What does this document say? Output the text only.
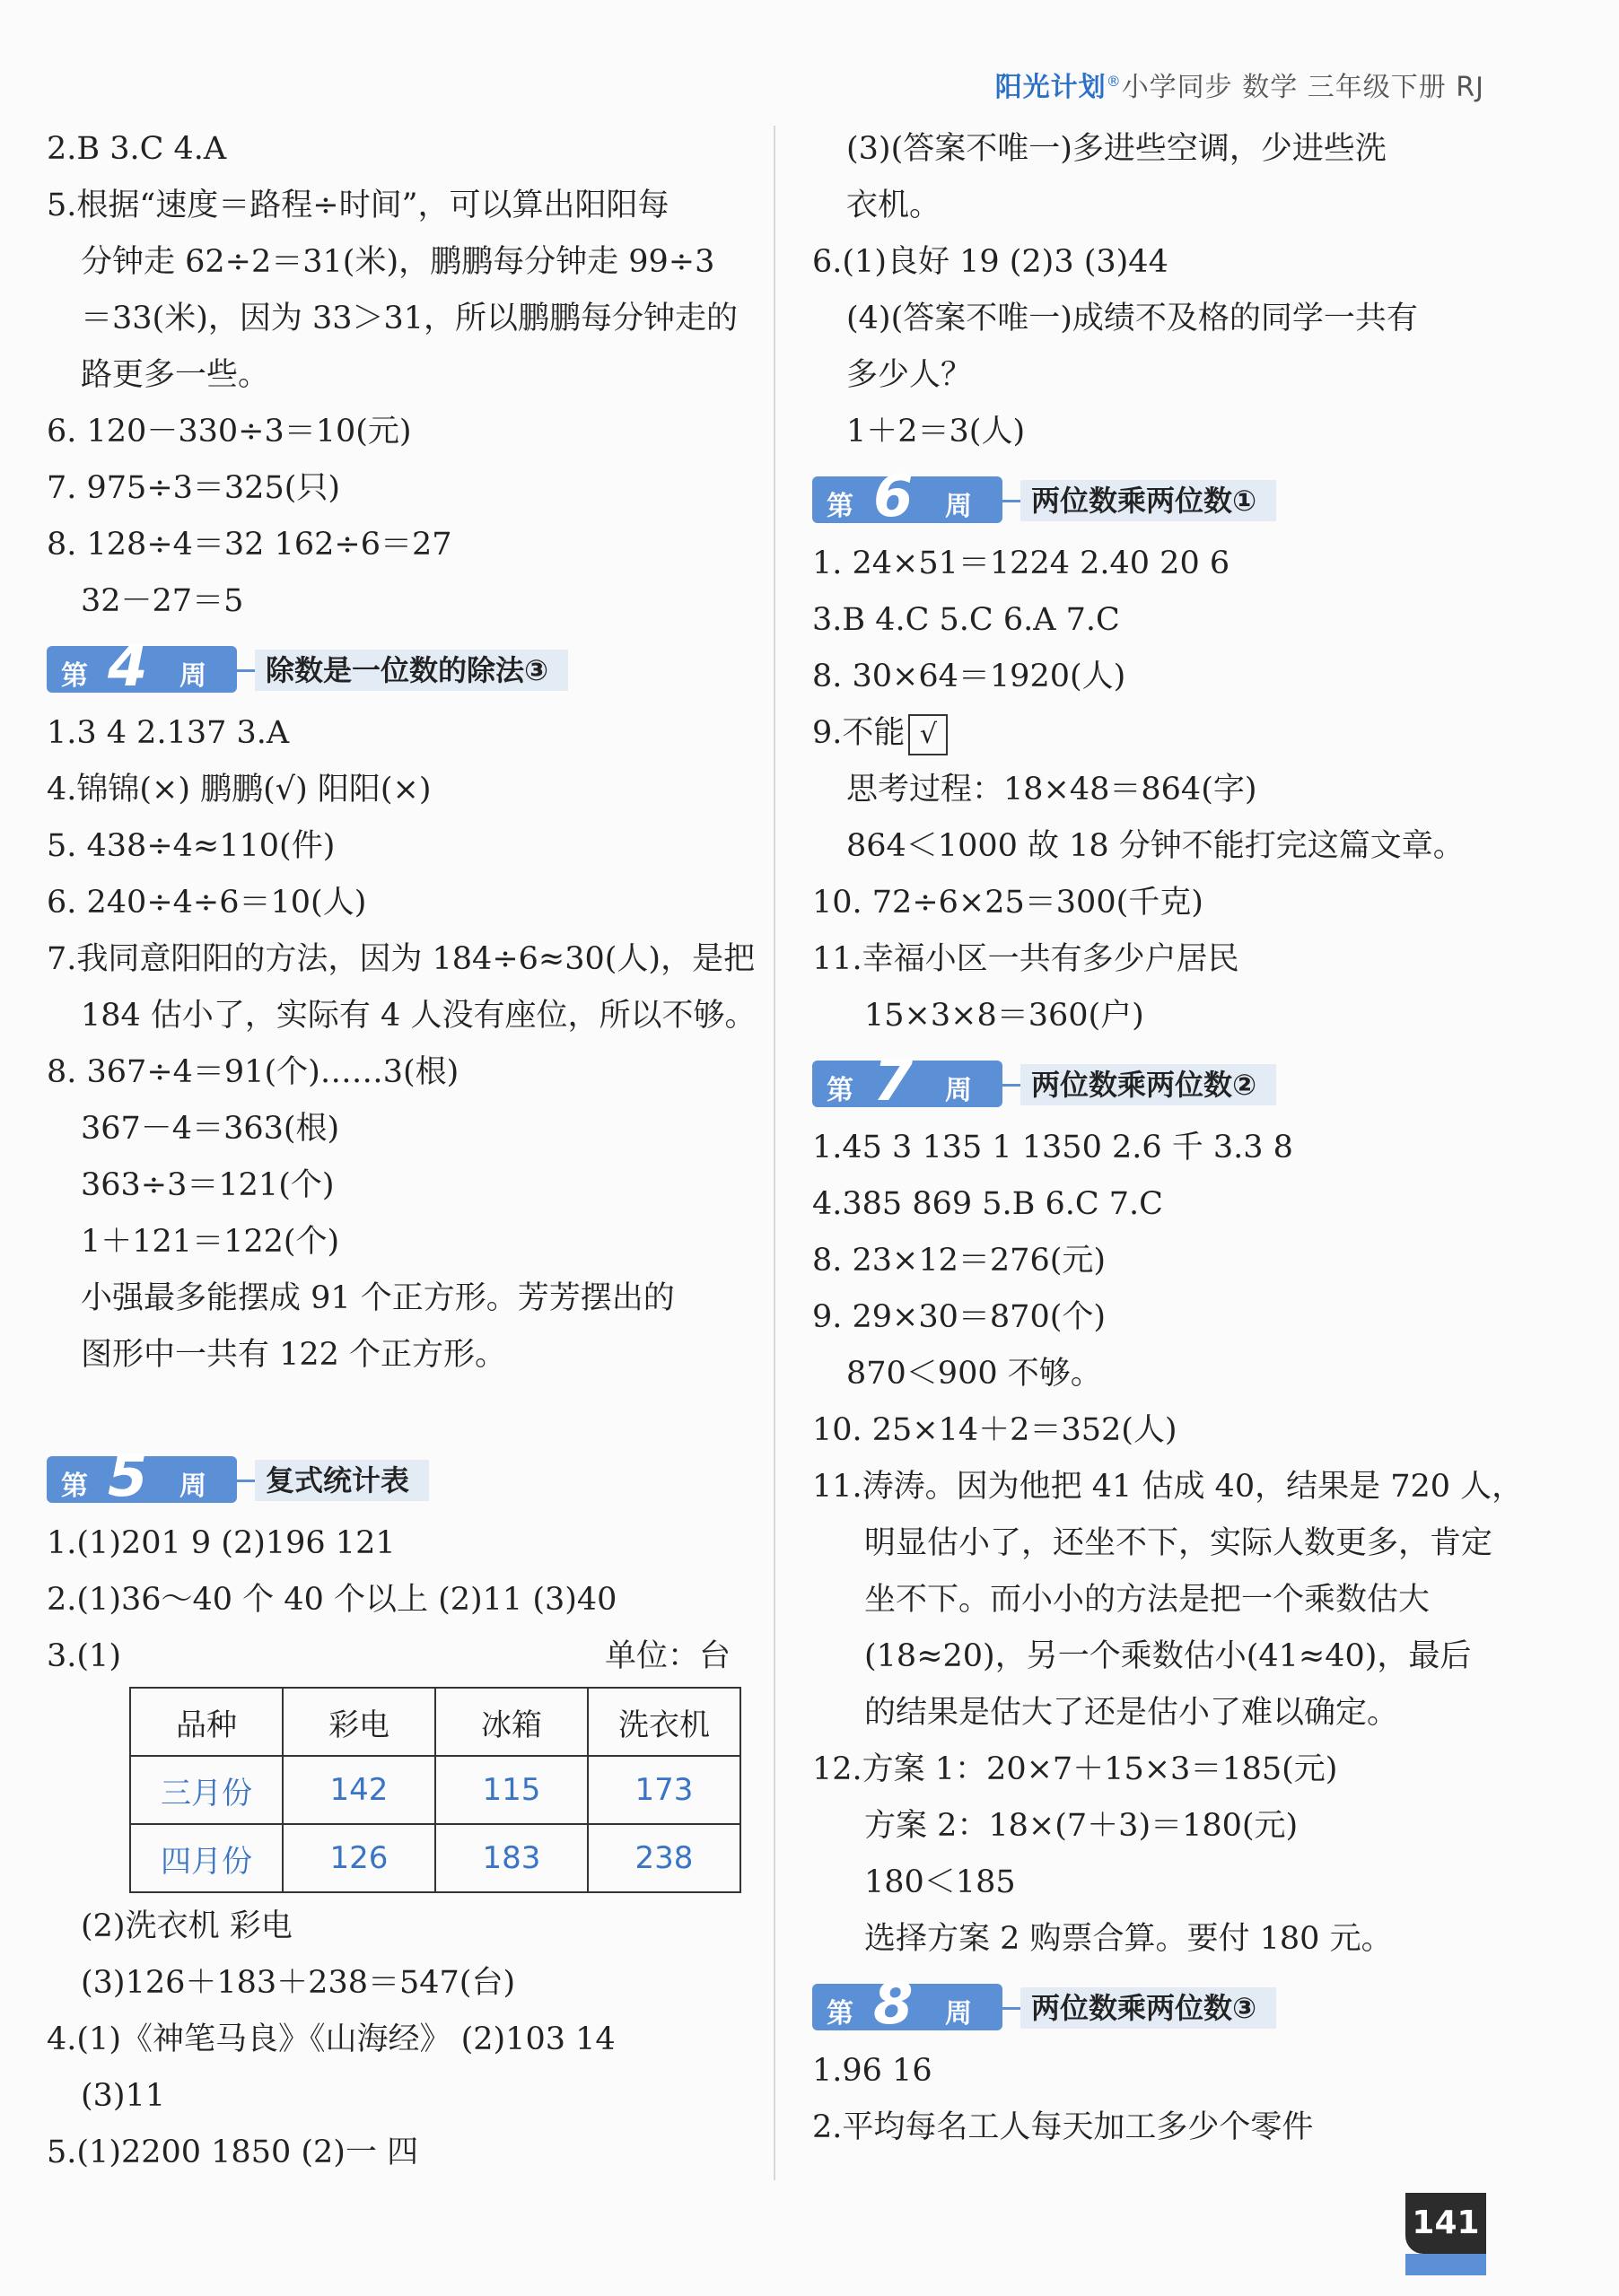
阳光计划®小学同步 数学 三年级下册 RJ
2.B 3.C 4.A
5.根据“速度＝路程÷时间”，可以算出阳阳每
分钟走 62÷2＝31(米)，鹏鹏每分钟走 99÷3
＝33(米)，因为 33＞31，所以鹏鹏每分钟走的
路更多一些。
6. 120－330÷3＝10(元)
7. 975÷3＝325(只)
8. 128÷4＝32 162÷6＝27
32－27＝5
第 4 周	除数是一位数的除法③
1.3 4 2.137 3.A
4.锦锦(×) 鹏鹏(√) 阳阳(×)
5. 438÷4≈110(件)
6. 240÷4÷6＝10(人)
7.我同意阳阳的方法，因为 184÷6≈30(人)，是把
184 估小了，实际有 4 人没有座位，所以不够。
8. 367÷4＝91(个)……3(根)
367－4＝363(根)
363÷3＝121(个)
1＋121＝122(个)
小强最多能摆成 91 个正方形。芳芳摆出的
图形中一共有 122 个正方形。
第 5 周	复式统计表
1.(1)201 9 (2)196 121
2.(1)36～40 个 40 个以上 (2)11 (3)40
3.(1)	单位：台
品种	彩电	冰箱	洗衣机
三月份	142	115	173
四月份	126	183	238
(2)洗衣机 彩电
(3)126＋183＋238＝547(台)
4.(1)《神笔马良》《山海经》 (2)103 14
(3)11
5.(1)2200 1850 (2)一 四
(3)(答案不唯一)多进些空调，少进些洗
衣机。
6.(1)良好 19 (2)3 (3)44
(4)(答案不唯一)成绩不及格的同学一共有
多少人？
1＋2＝3(人)
第 6 周	两位数乘两位数①
1. 24×51＝1224 2.40 20 6
3.B 4.C 5.C 6.A 7.C
8. 30×64＝1920(人)
9.不能 √
思考过程：18×48＝864(字)
864＜1000 故 18 分钟不能打完这篇文章。
10. 72÷6×25＝300(千克)
11.幸福小区一共有多少户居民
15×3×8＝360(户)
第 7 周	两位数乘两位数②
1.45 3 135 1 1350 2.6 千 3.3 8
4.385 869 5.B 6.C 7.C
8. 23×12＝276(元)
9. 29×30＝870(个)
870＜900 不够。
10. 25×14＋2＝352(人)
11.涛涛。因为他把 41 估成 40，结果是 720 人，
明显估小了，还坐不下，实际人数更多，肯定
坐不下。而小小的方法是把一个乘数估大
(18≈20)，另一个乘数估小(41≈40)，最后
的结果是估大了还是估小了难以确定。
12.方案 1：20×7＋15×3＝185(元)
方案 2：18×(7＋3)＝180(元)
180＜185
选择方案 2 购票合算。要付 180 元。
第 8 周	两位数乘两位数③
1.96 16
2.平均每名工人每天加工多少个零件
141
